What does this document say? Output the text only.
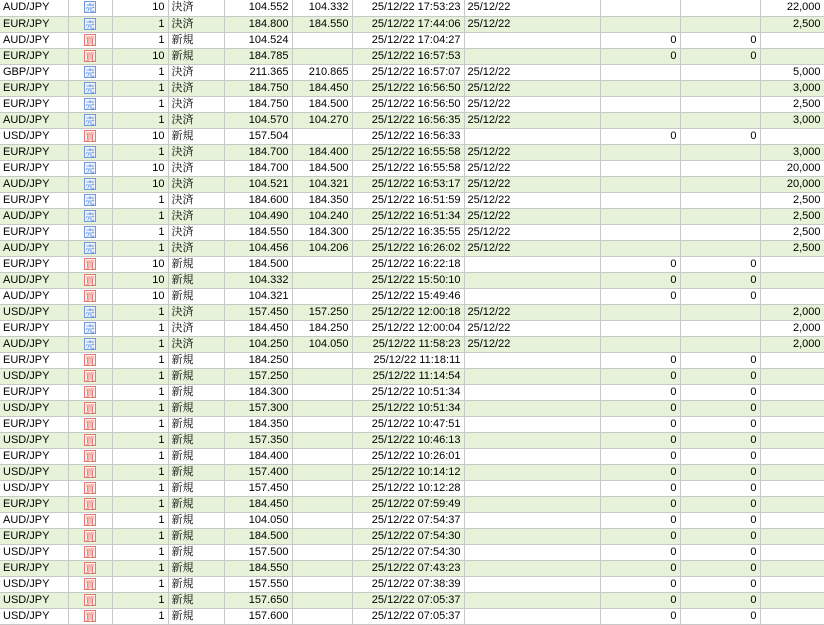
AUD/JPY	売	10	決済	104.552	104.332	25/12/22 17:53:23	25/12/22			22,000
EUR/JPY	売	1	決済	184.800	184.550	25/12/22 17:44:06	25/12/22			2,500
AUD/JPY	買	1	新規	104.524		25/12/22 17:04:27		0	0	
EUR/JPY	買	10	新規	184.785		25/12/22 16:57:53		0	0	
GBP/JPY	売	1	決済	211.365	210.865	25/12/22 16:57:07	25/12/22			5,000
EUR/JPY	売	1	決済	184.750	184.450	25/12/22 16:56:50	25/12/22			3,000
EUR/JPY	売	1	決済	184.750	184.500	25/12/22 16:56:50	25/12/22			2,500
AUD/JPY	売	1	決済	104.570	104.270	25/12/22 16:56:35	25/12/22			3,000
USD/JPY	買	10	新規	157.504		25/12/22 16:56:33		0	0	
EUR/JPY	売	1	決済	184.700	184.400	25/12/22 16:55:58	25/12/22			3,000
EUR/JPY	売	10	決済	184.700	184.500	25/12/22 16:55:58	25/12/22			20,000
AUD/JPY	売	10	決済	104.521	104.321	25/12/22 16:53:17	25/12/22			20,000
EUR/JPY	売	1	決済	184.600	184.350	25/12/22 16:51:59	25/12/22			2,500
AUD/JPY	売	1	決済	104.490	104.240	25/12/22 16:51:34	25/12/22			2,500
EUR/JPY	売	1	決済	184.550	184.300	25/12/22 16:35:55	25/12/22			2,500
AUD/JPY	売	1	決済	104.456	104.206	25/12/22 16:26:02	25/12/22			2,500
EUR/JPY	買	10	新規	184.500		25/12/22 16:22:18		0	0	
AUD/JPY	買	10	新規	104.332		25/12/22 15:50:10		0	0	
AUD/JPY	買	10	新規	104.321		25/12/22 15:49:46		0	0	
USD/JPY	売	1	決済	157.450	157.250	25/12/22 12:00:18	25/12/22			2,000
EUR/JPY	売	1	決済	184.450	184.250	25/12/22 12:00:04	25/12/22			2,000
AUD/JPY	売	1	決済	104.250	104.050	25/12/22 11:58:23	25/12/22			2,000
EUR/JPY	買	1	新規	184.250		25/12/22 11:18:11		0	0	
USD/JPY	買	1	新規	157.250		25/12/22 11:14:54		0	0	
EUR/JPY	買	1	新規	184.300		25/12/22 10:51:34		0	0	
USD/JPY	買	1	新規	157.300		25/12/22 10:51:34		0	0	
EUR/JPY	買	1	新規	184.350		25/12/22 10:47:51		0	0	
USD/JPY	買	1	新規	157.350		25/12/22 10:46:13		0	0	
EUR/JPY	買	1	新規	184.400		25/12/22 10:26:01		0	0	
USD/JPY	買	1	新規	157.400		25/12/22 10:14:12		0	0	
USD/JPY	買	1	新規	157.450		25/12/22 10:12:28		0	0	
EUR/JPY	買	1	新規	184.450		25/12/22 07:59:49		0	0	
AUD/JPY	買	1	新規	104.050		25/12/22 07:54:37		0	0	
EUR/JPY	買	1	新規	184.500		25/12/22 07:54:30		0	0	
USD/JPY	買	1	新規	157.500		25/12/22 07:54:30		0	0	
EUR/JPY	買	1	新規	184.550		25/12/22 07:43:23		0	0	
USD/JPY	買	1	新規	157.550		25/12/22 07:38:39		0	0	
USD/JPY	買	1	新規	157.650		25/12/22 07:05:37		0	0	
USD/JPY	買	1	新規	157.600		25/12/22 07:05:37		0	0	
